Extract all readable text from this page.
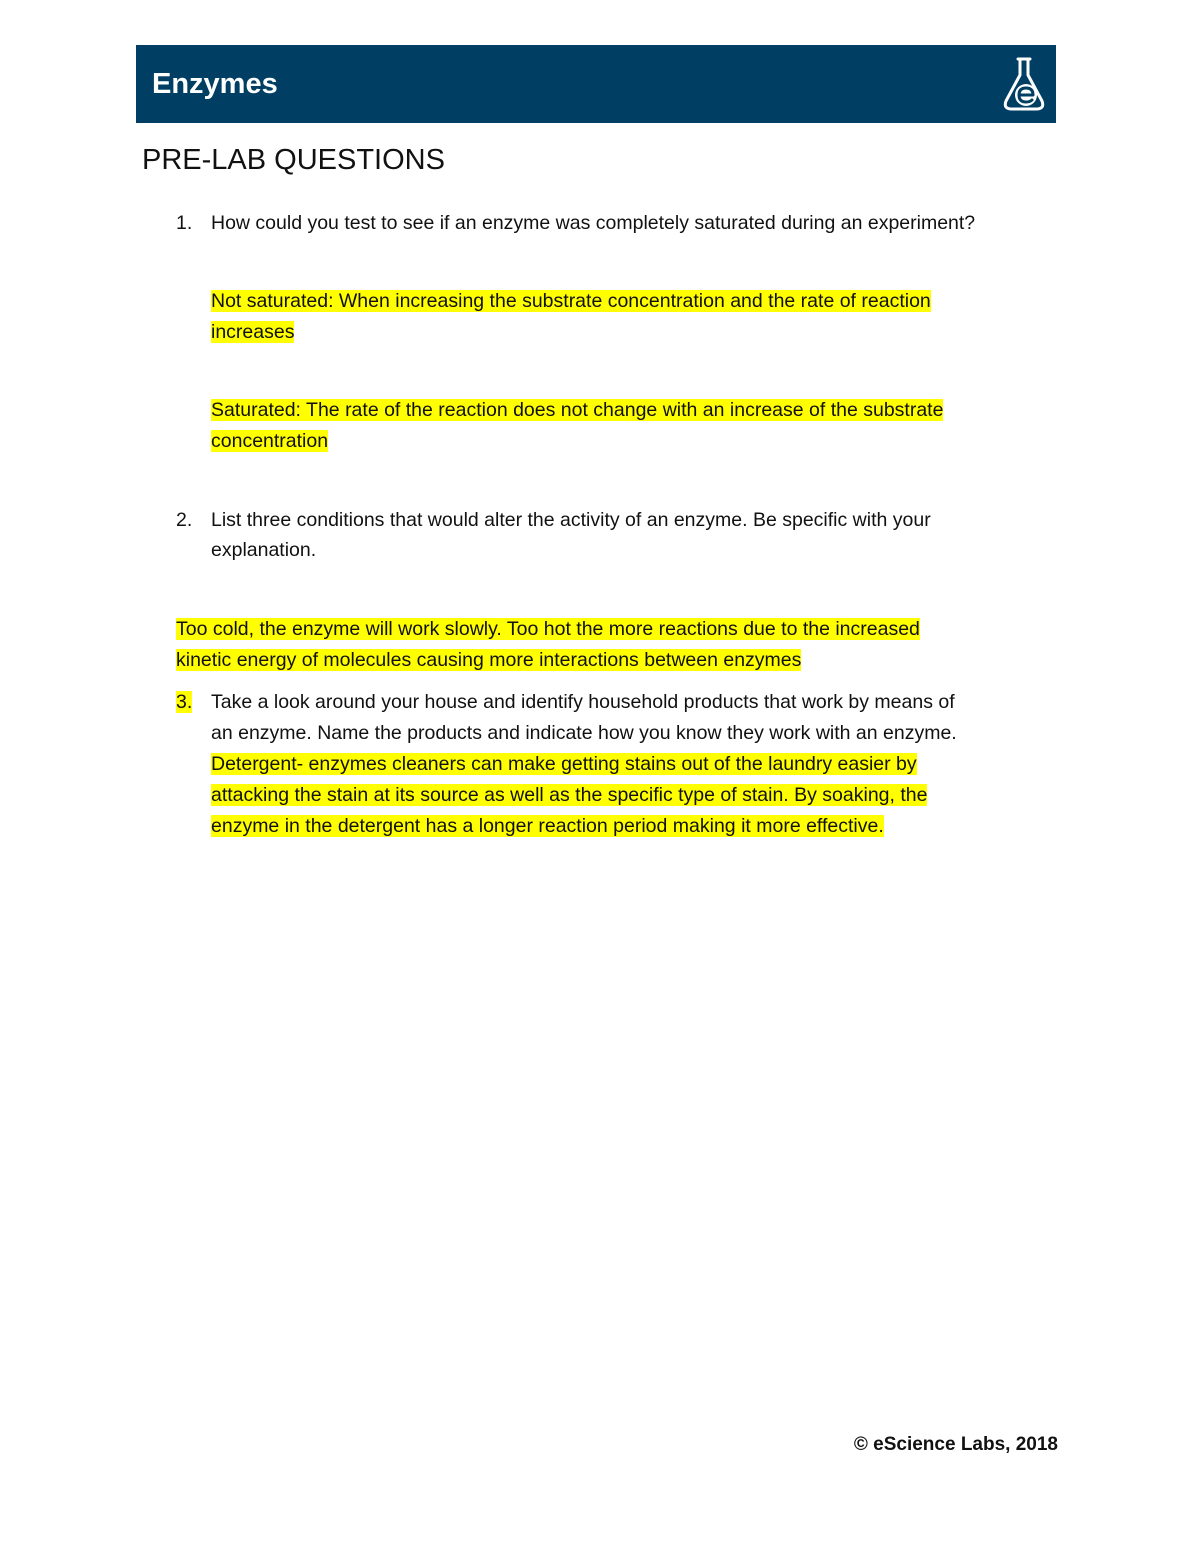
Enzymes
PRE-LAB QUESTIONS
1. How could you test to see if an enzyme was completely saturated during an experiment?
Not saturated: When increasing the substrate concentration and the rate of reaction
increases
Saturated: The rate of the reaction does not change with an increase of the substrate
concentration
2. List three conditions that would alter the activity of an enzyme. Be specific with your
explanation.
Too cold, the enzyme will work slowly. Too hot the more reactions due to the increased
kinetic energy of molecules causing more interactions between enzymes
3. Take a look around your house and identify household products that work by means of
an enzyme. Name the products and indicate how you know they work with an enzyme.
Detergent- enzymes cleaners can make getting stains out of the laundry easier by
attacking the stain at its source as well as the specific type of stain. By soaking, the
enzyme in the detergent has a longer reaction period making it more effective.
© eScience Labs, 2018
